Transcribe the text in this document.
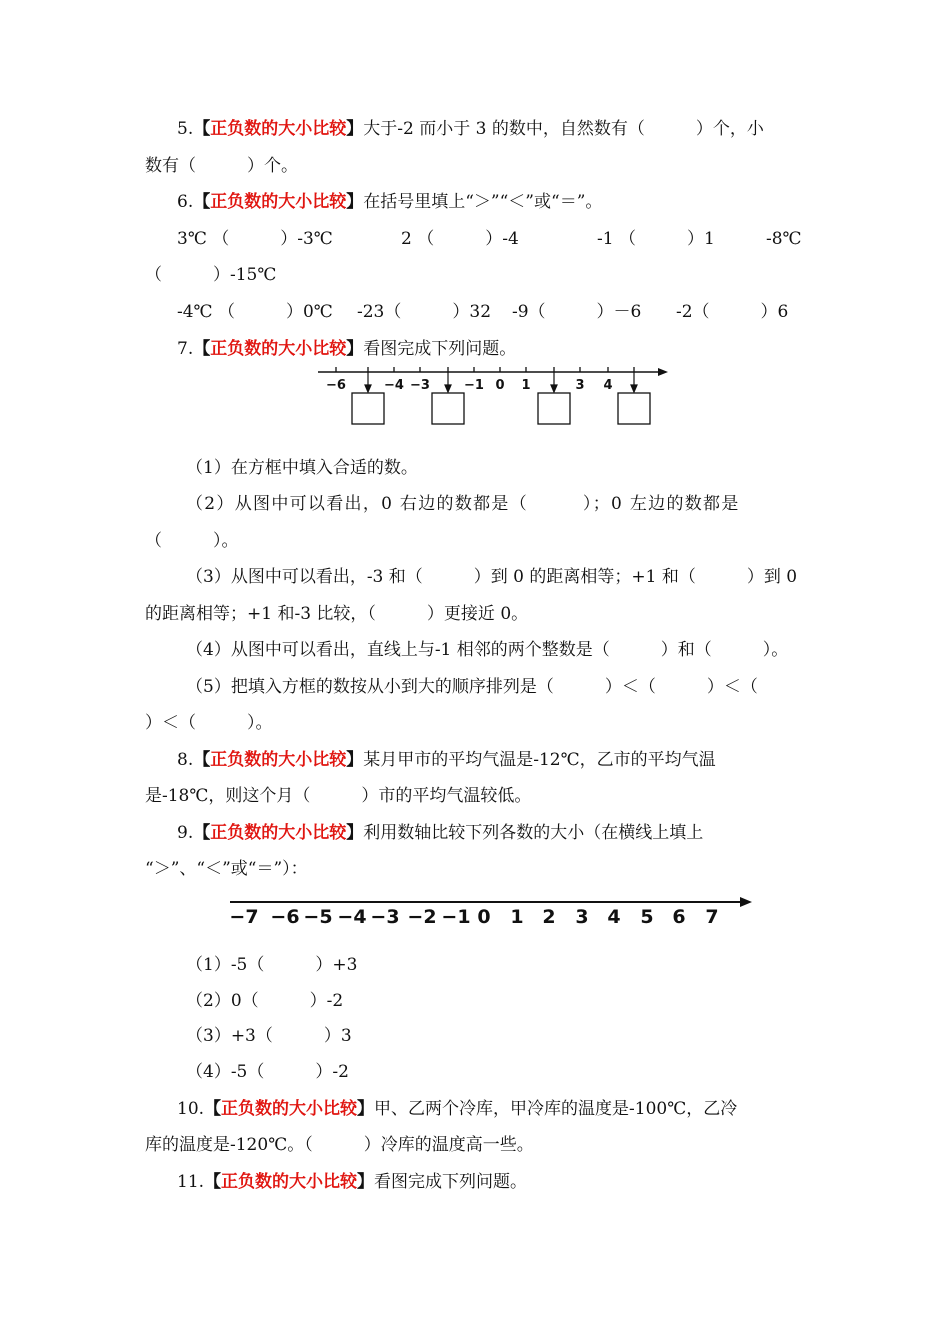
5.【正负数的大小比较】大于-2 而小于 3 的数中，自然数有（　　　）个，小
数有（　　　）个。
6.【正负数的大小比较】在括号里填上“＞”“＜”或“＝”。
3℃ （　　　）-3℃	2 （　　　）-4	-1 （　　　）1	-8℃
（　　　）-15℃
-4℃ （　　　）0℃ -23（　　　）32 -9（　　　）－6 -2（　　　）6
7.【正负数的大小比较】看图完成下列问题。
−6	−4 −3	−1 0 1	3 4
（1）在方框中填入合适的数。
（2）从图中可以看出，0 右边的数都是（　　　）；0 左边的数都是
（　　　）。
（3）从图中可以看出，-3 和（　　　）到 0 的距离相等；+1 和（　　　）到 0
的距离相等；+1 和-3 比较，（　　　）更接近 0。
（4）从图中可以看出，直线上与-1 相邻的两个整数是（　　　）和（　　　）。
（5）把填入方框的数按从小到大的顺序排列是（　　　）＜（　　　）＜（
）＜（　　　）。
8.【正负数的大小比较】某月甲市的平均气温是-12℃，乙市的平均气温
是-18℃，则这个月（　　　）市的平均气温较低。
9.【正负数的大小比较】利用数轴比较下列各数的大小（在横线上填上
“＞”、“＜”或“＝”）：
−7 −6 −5 −4 −3 −2 −1 0 1 2 3 4 5 6 7
（1）-5（　　　）+3
（2）0（　　　）-2
（3）+3（　　　）3
（4）-5（　　　）-2
10.【正负数的大小比较】甲、乙两个冷库，甲冷库的温度是-100℃，乙冷
库的温度是-120℃。（　　　）冷库的温度高一些。
11.【正负数的大小比较】看图完成下列问题。
